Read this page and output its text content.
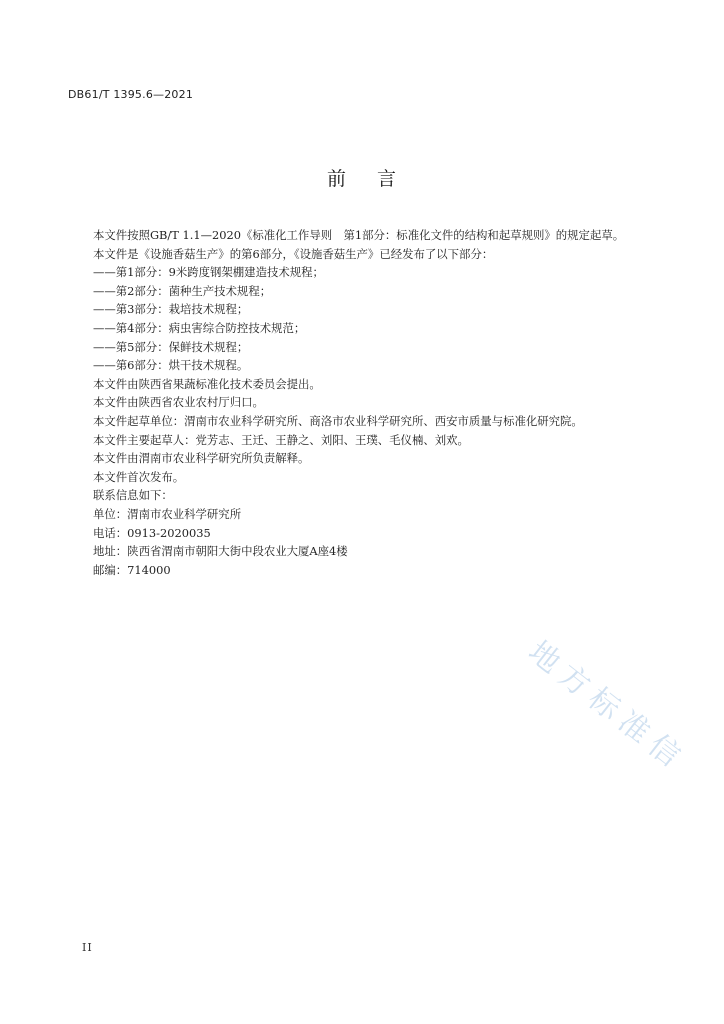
DB61/T 1395.6—2021
前 言

本文件按照GB/T 1.1—2020《标准化工作导则　第1部分：标准化文件的结构和起草规则》的规定起草。

本文件是《设施香菇生产》的第6部分，《设施香菇生产》已经发布了以下部分：

——第1部分：9米跨度钢架棚建造技术规程；

——第2部分：菌种生产技术规程；

——第3部分：栽培技术规程；

——第4部分：病虫害综合防控技术规范；

——第5部分：保鲜技术规程；

——第6部分：烘干技术规程。

本文件由陕西省果蔬标准化技术委员会提出。

本文件由陕西省农业农村厅归口。

本文件起草单位：渭南市农业科学研究所、商洛市农业科学研究所、西安市质量与标准化研究院。

本文件主要起草人：党芳志、王迁、王静之、刘阳、王璞、毛仪楠、刘欢。

本文件由渭南市农业科学研究所负责解释。

本文件首次发布。

联系信息如下：

单位：渭南市农业科学研究所

电话：0913-2020035

地址：陕西省渭南市朝阳大街中段农业大厦A座4楼

邮编：714000

地方标准信
II
